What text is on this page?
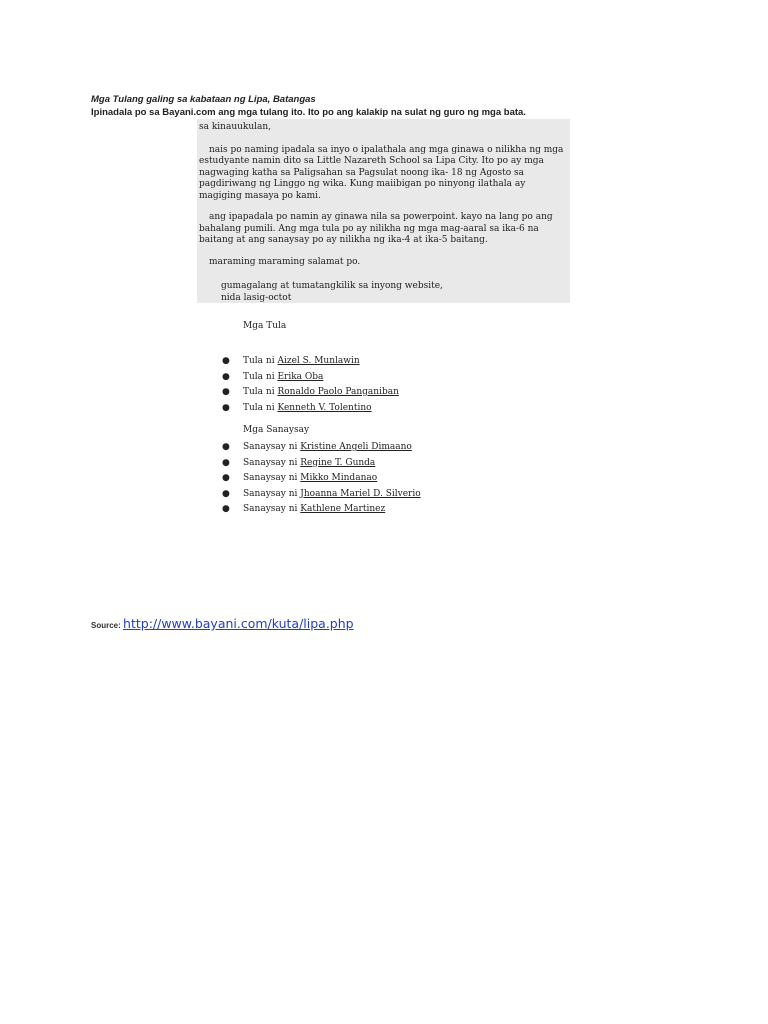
Mga Tulang galing sa kabataan ng Lipa, Batangas
Ipinadala po sa Bayani.com ang mga tulang ito. Ito po ang kalakip na sulat ng guro ng mga bata.

sa kinauukulan,

nais po naming ipadala sa inyo o ipalathala ang mga ginawa o nilikha ng mga estudyante namin dito sa Little Nazareth School sa Lipa City. Ito po ay mga nagwaging katha sa Paligsahan sa Pagsulat noong ika- 18 ng Agosto sa pagdiriwang ng Linggo ng wika. Kung maiibigan po ninyong ilathala ay magiging masaya po kami.

ang ipapadala po namin ay ginawa nila sa powerpoint. kayo na lang po ang bahalang pumili. Ang mga tula po ay nilikha ng mga mag-aaral sa ika-6 na baitang at ang sanaysay po ay nilikha ng ika-4 at ika-5 baitang.

maraming maraming salamat po.

gumagalang at tumatangkilik sa inyong website,

nida lasig-octot

Mga Tula
● Tula ni Aizel S. Munlawin
● Tula ni Erika Oba
● Tula ni Ronaldo Paolo Panganiban
● Tula ni Kenneth V. Tolentino
Mga Sanaysay
● Sanaysay ni Kristine Angeli Dimaano
● Sanaysay ni Regine T. Gunda
● Sanaysay ni Mikko Mindanao
● Sanaysay ni Jhoanna Mariel D. Silverio
● Sanaysay ni Kathlene Martinez
Source: http://www.bayani.com/kuta/lipa.php
